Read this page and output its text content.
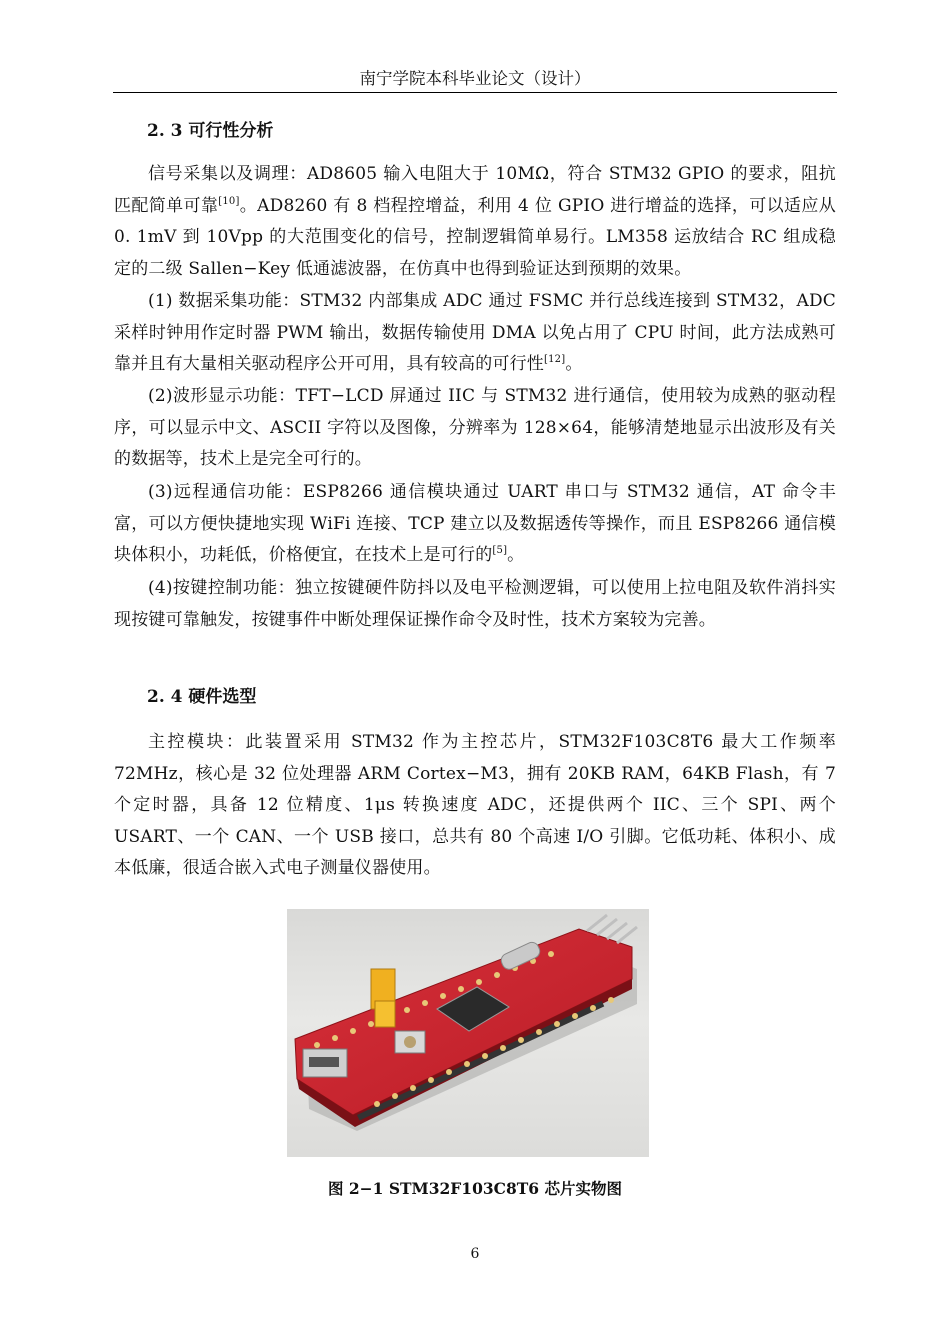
南宁学院本科毕业论文（设计）
2. 3 可行性分析

信号采集以及调理：AD8605 输入电阻大于 10MΩ，符合 STM32 GPIO 的要求，阻抗匹配简单可靠[10]。AD8260 有 8 档程控增益，利用 4 位 GPIO 进行增益的选择，可以适应从 0. 1mV 到 10Vpp 的大范围变化的信号，控制逻辑简单易行。LM358 运放结合 RC 组成稳定的二级 Sallen−Key 低通滤波器，在仿真中也得到验证达到预期的效果。

(1) 数据采集功能：STM32 内部集成 ADC 通过 FSMC 并行总线连接到 STM32，ADC 采样时钟用作定时器 PWM 输出，数据传输使用 DMA 以免占用了 CPU 时间，此方法成熟可靠并且有大量相关驱动程序公开可用，具有较高的可行性[12]。

(2)波形显示功能：TFT−LCD 屏通过 IIC 与 STM32 进行通信，使用较为成熟的驱动程序，可以显示中文、ASCII 字符以及图像，分辨率为 128×64，能够清楚地显示出波形及有关的数据等，技术上是完全可行的。

(3)远程通信功能：ESP8266 通信模块通过 UART 串口与 STM32 通信，AT 命令丰富，可以方便快捷地实现 WiFi 连接、TCP 建立以及数据透传等操作，而且 ESP8266 通信模块体积小，功耗低，价格便宜，在技术上是可行的[5]。

(4)按键控制功能：独立按键硬件防抖以及电平检测逻辑，可以使用上拉电阻及软件消抖实现按键可靠触发，按键事件中断处理保证操作命令及时性，技术方案较为完善。

2. 4 硬件选型

主控模块：此装置采用 STM32 作为主控芯片，STM32F103C8T6 最大工作频率 72MHz，核心是 32 位处理器 ARM Cortex−M3，拥有 20KB RAM，64KB Flash，有 7 个定时器，具备 12 位精度、1μs 转换速度 ADC，还提供两个 IIC、三个 SPI、两个 USART、一个 CAN、一个 USB 接口，总共有 80 个高速 I/O 引脚。它低功耗、体积小、成本低廉，很适合嵌入式电子测量仪器使用。

图 2−1 STM32F103C8T6 芯片实物图
6
